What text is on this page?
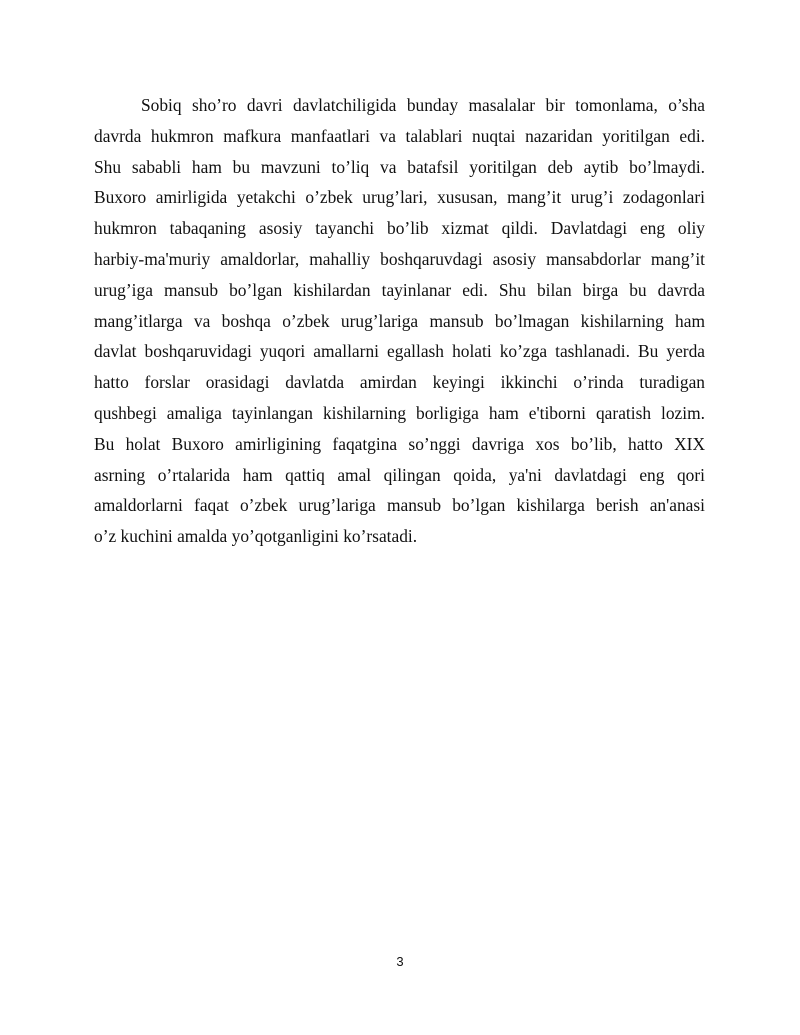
Sobiq sho’ro davri davlatchiligida bunday masalalar bir tomonlama, o’sha
davrda hukmron mafkura manfaatlari va talablari nuqtai nazaridan yoritilgan edi.
Shu sababli ham bu mavzuni to’liq va batafsil yoritilgan deb aytib bo’lmaydi.
Buxoro amirligida yetakchi o’zbek urug’lari, xususan, mang’it urug’i zodagonlari
hukmron tabaqaning asosiy tayanchi bo’lib xizmat qildi. Davlatdagi eng oliy
harbiy-ma'muriy amaldorlar, mahalliy boshqaruvdagi asosiy mansabdorlar mang’it
urug’iga mansub bo’lgan kishilardan tayinlanar edi. Shu bilan birga bu davrda
mang’itlarga va boshqa o’zbek urug’lariga mansub bo’lmagan kishilarning ham
davlat boshqaruvidagi yuqori amallarni egallash holati ko’zga tashlanadi. Bu yerda
hatto forslar orasidagi davlatda amirdan keyingi ikkinchi o’rinda turadigan
qushbegi amaliga tayinlangan kishilarning borligiga ham e'tiborni qaratish lozim.
Bu holat Buxoro amirligining faqatgina so’nggi davriga xos bo’lib, hatto XIX
asrning o’rtalarida ham qattiq amal qilingan qoida, ya'ni davlatdagi eng qori
amaldorlarni faqat o’zbek urug’lariga mansub bo’lgan kishilarga berish an'anasi
o’z kuchini amalda yo’qotganligini ko’rsatadi.
3
